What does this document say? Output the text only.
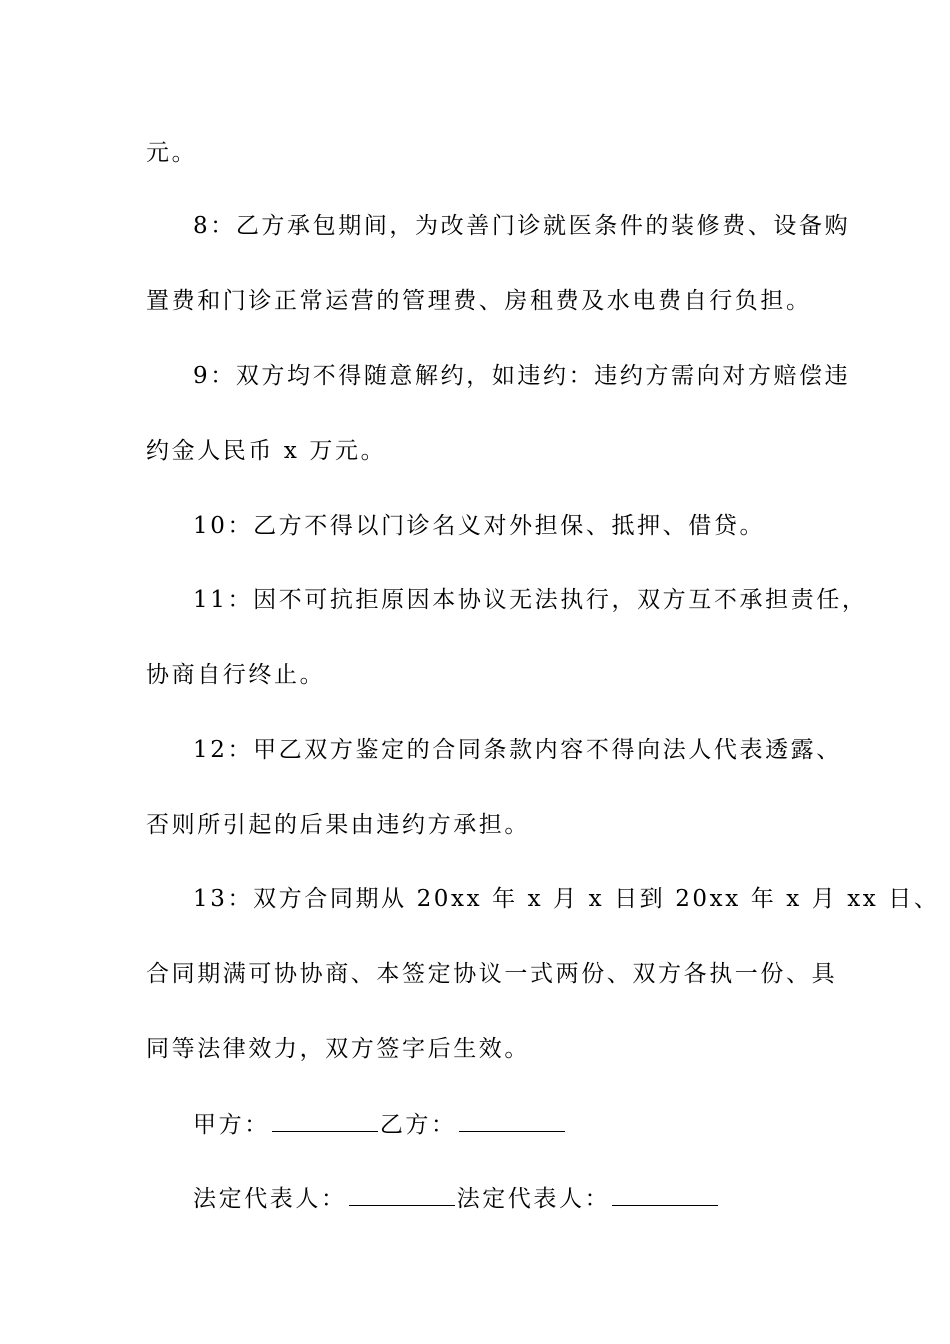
元。
8：乙方承包期间，为改善门诊就医条件的装修费、设备购
置费和门诊正常运营的管理费、房租费及水电费自行负担。
9：双方均不得随意解约，如违约：违约方需向对方赔偿违
约金人民币 x 万元。
10：乙方不得以门诊名义对外担保、抵押、借贷。
11：因不可抗拒原因本协议无法执行，双方互不承担责任，
协商自行终止。
12：甲乙双方鉴定的合同条款内容不得向法人代表透露、
否则所引起的后果由违约方承担。
13：双方合同期从 20xx 年 x 月 x 日到 20xx 年 x 月 xx 日、
合同期满可协协商、本签定协议一式两份、双方各执一份、具
同等法律效力，双方签字后生效。
甲方：	乙方：
法定代表人：	法定代表人：
